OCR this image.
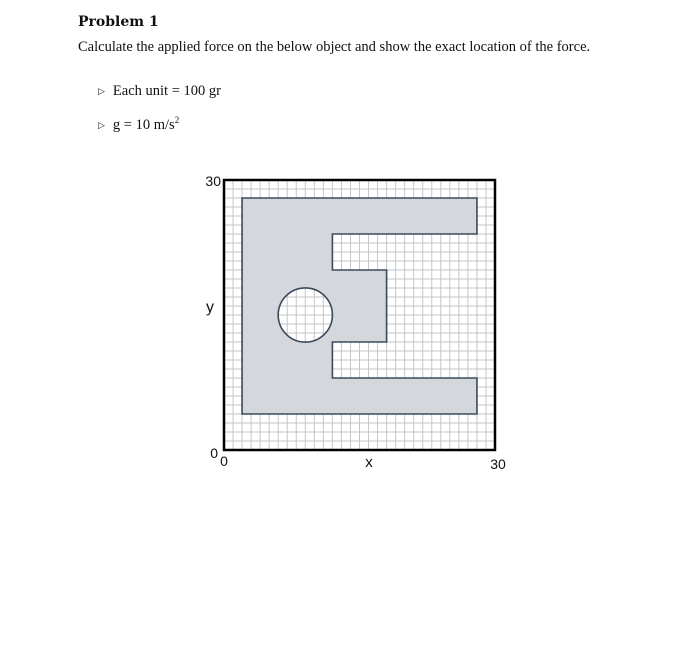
Problem 1
Calculate the applied force on the below object and show the exact location of the force.
▷ Each unit = 100 gr
▷ g = 10 $m/s^2$
30
y
0 0	x	30
